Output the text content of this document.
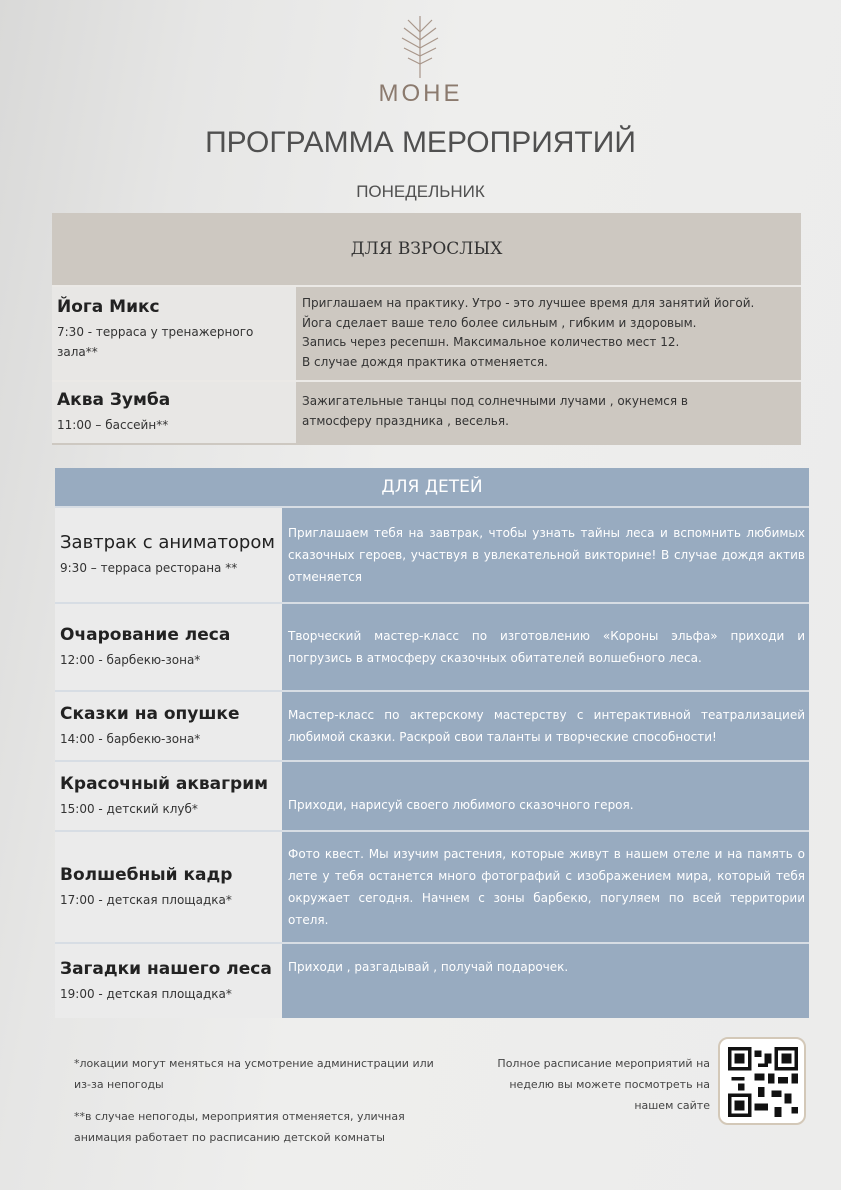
МОНЕ
ПРОГРАММА МЕРОПРИЯТИЙ
ПОНЕДЕЛЬНИК
ДЛЯ ВЗРОСЛЫХ
Йога Микс
7:30 - терраса у тренажерного зала**
Приглашаем на практику. Утро - это лучшее время для занятий йогой.
Йога сделает ваше тело более сильным , гибким и здоровым.
Запись через ресепшн. Максимальное количество мест 12.
В случае дождя практика отменяется.
Аква Зумба
11:00 – бассейн**
Зажигательные танцы под солнечными лучами , окунемся в атмосферу праздника , веселья.
ДЛЯ ДЕТЕЙ
Завтрак с аниматором
9:30 – терраса ресторана **
Приглашаем тебя на завтрак, чтобы узнать тайны леса и вспомнить любимых сказочных героев, участвуя в увлекательной викторине! В случае дождя актив отменяется
Очарование леса
12:00 - барбекю-зона*
Творческий мастер-класс по изготовлению «Короны эльфа» приходи и погрузись в атмосферу сказочных обитателей волшебного леса.
Сказки на опушке
14:00 - барбекю-зона*
Мастер-класс по актерскому мастерству с интерактивной театрализацией любимой сказки. Раскрой свои таланты и творческие способности!
Красочный аквагрим
15:00 - детский клуб*	Приходи, нарисуй своего любимого сказочного героя.
Волшебный кадр
17:00 - детская площадка*
Фото квест. Мы изучим растения, которые живут в нашем отеле и на память о лете у тебя останется много фотографий с изображением мира, который тебя окружает сегодня. Начнем с зоны барбекю, погуляем по всей территории отеля.
Загадки нашего леса
19:00 - детская площадка*
Приходи , разгадывай , получай подарочек.
*локации могут меняться на усмотрение администрации или из-за непогоды
**в случае непогоды, мероприятия отменяется, уличная анимация работает по расписанию детской комнаты
Полное расписание мероприятий на неделю вы можете посмотреть на нашем сайте
